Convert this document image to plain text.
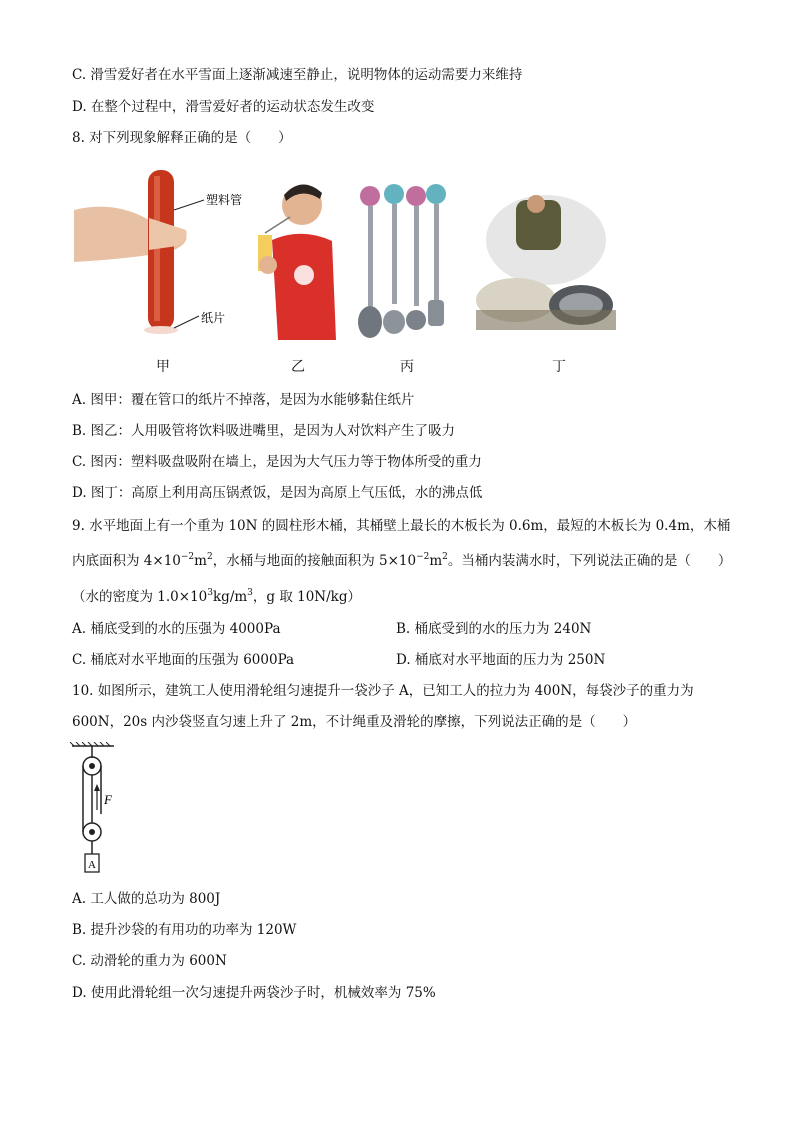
C. 滑雪爱好者在水平雪面上逐渐减速至静止，说明物体的运动需要力来维持
D. 在整个过程中，滑雪爱好者的运动状态发生改变
8. 对下列现象解释正确的是（　　）
塑料管
纸片
甲	乙	丙	丁
A. 图甲：覆在管口的纸片不掉落，是因为水能够黏住纸片
B. 图乙：人用吸管将饮料吸进嘴里，是因为人对饮料产生了吸力
C. 图丙：塑料吸盘吸附在墙上，是因为大气压力等于物体所受的重力
D. 图丁：高原上利用高压锅煮饭，是因为高原上气压低，水的沸点低
9. 水平地面上有一个重为 10N 的圆柱形木桶，其桶壁上最长的木板长为 0.6m，最短的木板长为 0.4m，木桶
内底面积为 $4\times 10^{-2}m^2$，水桶与地面的接触面积为 $5\times 10^{-2}m^2$。当桶内装满水时，下列说法正确的是（　　）
（水的密度为 $1.0\times 10^3kg/m^3$，g 取 10N/kg）
A. 桶底受到的水的压强为 4000Pa	B. 桶底受到的水的压力为 240N
C. 桶底对水平地面的压强为 6000Pa	D. 桶底对水平地面的压力为 250N
10. 如图所示，建筑工人使用滑轮组匀速提升一袋沙子 A，已知工人的拉力为 400N，每袋沙子的重力为
600N，20s 内沙袋竖直匀速上升了 2m，不计绳重及滑轮的摩擦，下列说法正确的是（　　）
F
A
A. 工人做的总功为 800J
B. 提升沙袋的有用功的功率为 120W
C. 动滑轮的重力为 600N
D. 使用此滑轮组一次匀速提升两袋沙子时，机械效率为 75%
